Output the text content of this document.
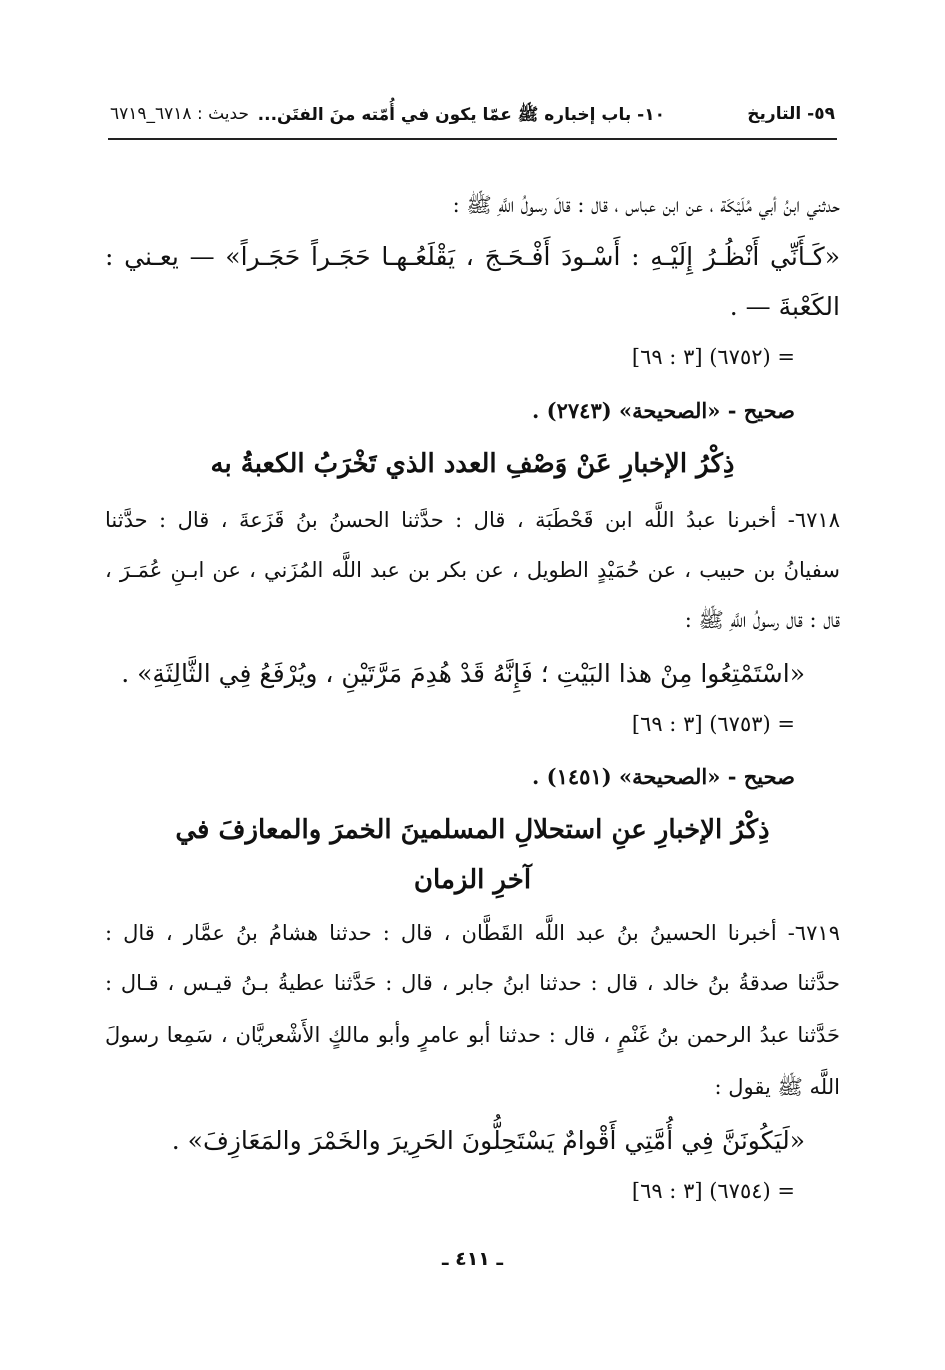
٥٩- التاريخ
١٠- باب إخباره ﷺ عمّا يكون في أُمّته منَ الفتَن...
حديث : ٦٧١٨_٦٧١٩
حدثني ابنُ أبي مُلَيْكَة ، عن ابن عباس ، قال : قالَ رسولُ اللَّهِ ﷺ :
«كَـأَنِّي أَنْظُـرُ إِلَيْـهِ : أَسْـودَ أَفْـحَـجَ ، يَقْلَعُـهـا حَجَـراً حَجَـراً» — يعـني :
الكَعْبةَ — .
= (٦٧٥٢) [٣ : ٦٩]
صحيح - «الصحيحة» (٢٧٤٣) .
ذِكْرُ الإخبارِ عَنْ وَصْفِ العدد الذي تَخْرَبُ الكعبةُ به
٦٧١٨- أخبرنا عبدُ اللَّه ابن قَحْطَبَة ، قال : حدَّثنا الحسنُ بنُ قَزَعةَ ، قال : حدَّثنا
سفيانُ بن حبيب ، عن حُمَيْدٍ الطويل ، عن بكر بن عبد اللَّه المُزَني ، عن ابـنِ عُمَـرَ ،
قال : قال رسولُ اللَّهِ ﷺ :
«اسْتَمْتِعُوا مِنْ هذا البَيْتِ ؛ فَإِنَّهُ قَدْ هُدِمَ مَرَّتَيْنِ ، ويُرْفَعُ فِي الثَّالِثَةِ» .
= (٦٧٥٣) [٣ : ٦٩]
صحيح - «الصحيحة» (١٤٥١) .
ذِكْرُ الإخبارِ عنِ استحلالِ المسلمينَ الخمرَ والمعازفَ في
آخرِ الزمان
٦٧١٩- أخبرنا الحسينُ بنُ عبد اللَّه القَطَّان ، قال : حدثنا هشامُ بنُ عمَّار ، قال :
حدَّثنا صدقةُ بنُ خالد ، قال : حدثنا ابنُ جابر ، قال : حَدَّثنا عطيةُ بـنُ قيـس ، قـال :
حَدَّثنا عبدُ الرحمن بنُ غَنْمٍ ، قال : حدثنا أبو عامرٍ وأبو مالكٍ الأَشْعريَّان ، سَمِعا رسولَ
اللَّه ﷺ يقول :
«لَيَكُونَنَّ فِي أُمَّتِي أَقْوامٌ يَسْتَحِلُّونَ الحَرِيرَ والخَمْرَ والمَعَازِفَ» .
= (٦٧٥٤) [٣ : ٦٩]
ـ ٤١١ ـ
